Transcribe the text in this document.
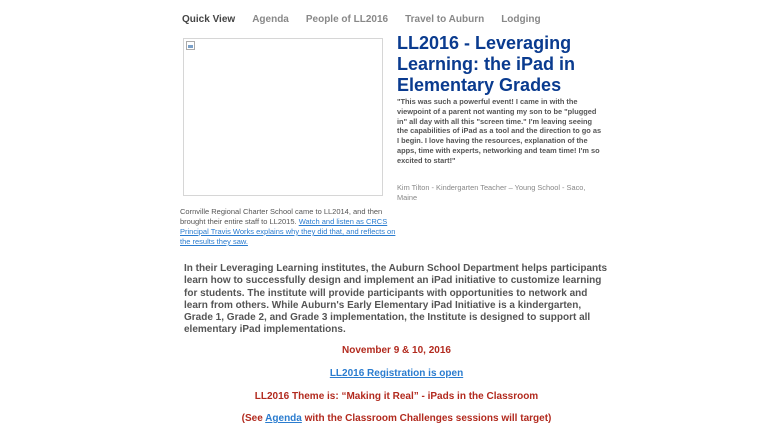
Quick View Agenda People of LL2016 Travel to Auburn Lodging
Cornville Regional Charter School came to LL2014, and then brought their entire staff to LL2015. Watch and listen as CRCS Principal Travis Works explains why they did that, and reflects on the results they saw.
LL2016 - Leveraging Learning: the iPad in Elementary Grades
"This was such a powerful event! I came in with the viewpoint of a parent not wanting my son to be "plugged in" all day with all this "screen time." I'm leaving seeing the capabilities of iPad as a tool and the direction to go as I begin. I love having the resources, explanation of the apps, time with experts, networking and team time! I'm so excited to start!"
Kim Tilton - Kindergarten Teacher – Young School - Saco, Maine

In their Leveraging Learning institutes, the Auburn School Department helps participants learn how to successfully design and implement an iPad initiative to customize learning for students. The institute will provide participants with opportunities to network and learn from others. While Auburn's Early Elementary iPad Initiative is a kindergarten, Grade 1, Grade 2, and Grade 3 implementation, the Institute is designed to support all elementary iPad implementations.

November 9 & 10, 2016
LL2016 Registration is open
LL2016 Theme is: “Making it Real” - iPads in the Classroom
(See Agenda with the Classroom Challenges sessions will target)
